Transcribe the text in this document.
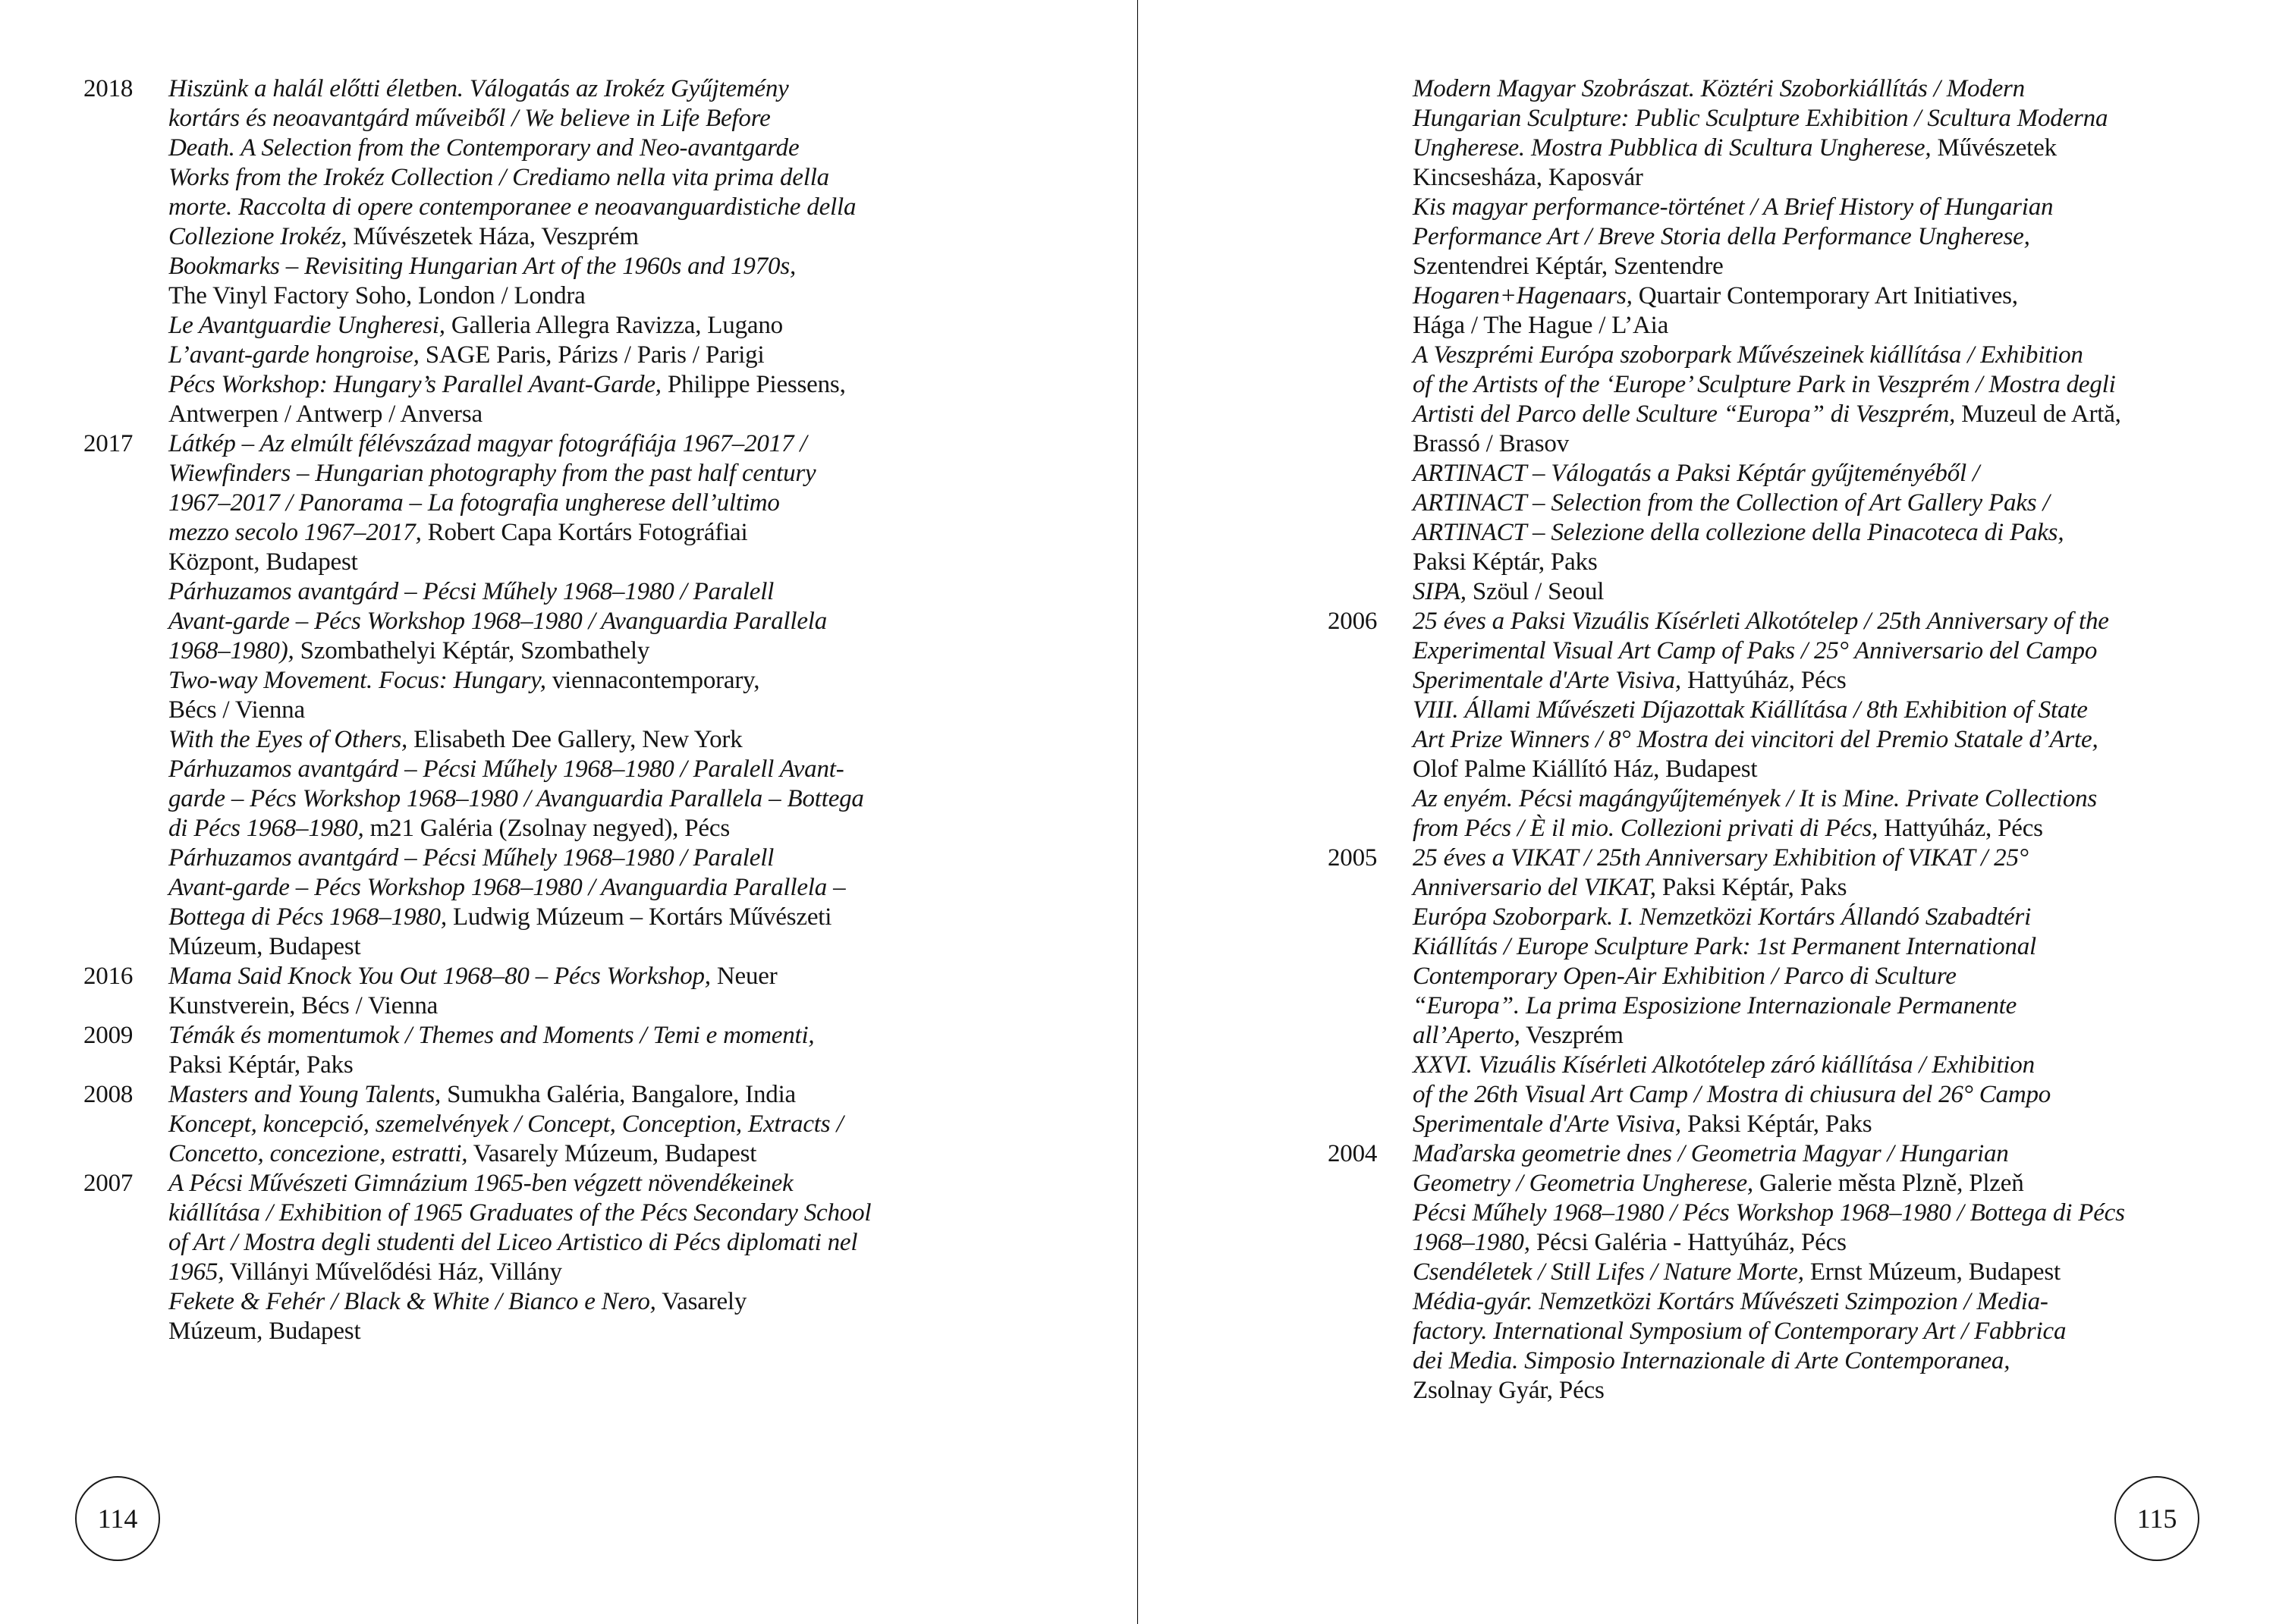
2018	Hiszünk a halál előtti életben. Válogatás az Irokéz Gyűjtemény
kortárs és neoavantgárd műveiből / We believe in Life Before
Death. A Selection from the Contemporary and Neo-avantgarde
Works from the Irokéz Collection / Crediamo nella vita prima della
morte. Raccolta di opere contemporanee e neoavanguardistiche della
Collezione Irokéz, Művészetek Háza, Veszprém
Bookmarks – Revisiting Hungarian Art of the 1960s and 1970s,
The Vinyl Factory Soho, London / Londra
Le Avantguardie Ungheresi, Galleria Allegra Ravizza, Lugano
L’avant-garde hongroise, SAGE Paris, Párizs / Paris / Parigi
Pécs Workshop: Hungary’s Parallel Avant-Garde, Philippe Piessens,
Antwerpen / Antwerp / Anversa
2017	Látkép – Az elmúlt félévszázad magyar fotográfiája 1967–2017 /
Wiewfinders – Hungarian photography from the past half century
1967–2017 / Panorama – La fotografia ungherese dell’ultimo
mezzo secolo 1967–2017, Robert Capa Kortárs Fotográfiai
Központ, Budapest
Párhuzamos avantgárd – Pécsi Műhely 1968–1980 / Paralell
Avant-garde – Pécs Workshop 1968–1980 / Avanguardia Parallela
1968–1980), Szombathelyi Képtár, Szombathely
Two-way Movement. Focus: Hungary, viennacontemporary,
Bécs / Vienna
With the Eyes of Others, Elisabeth Dee Gallery, New York
Párhuzamos avantgárd – Pécsi Műhely 1968–1980 / Paralell Avant-
garde – Pécs Workshop 1968–1980 / Avanguardia Parallela – Bottega
di Pécs 1968–1980, m21 Galéria (Zsolnay negyed), Pécs
Párhuzamos avantgárd – Pécsi Műhely 1968–1980 / Paralell
Avant-garde – Pécs Workshop 1968–1980 / Avanguardia Parallela –
Bottega di Pécs 1968–1980, Ludwig Múzeum – Kortárs Művészeti
Múzeum, Budapest
2016	Mama Said Knock You Out 1968–80 – Pécs Workshop, Neuer
Kunstverein, Bécs / Vienna
2009	Témák és momentumok / Themes and Moments / Temi e momenti,
Paksi Képtár, Paks
2008	Masters and Young Talents, Sumukha Galéria, Bangalore, India
Koncept, koncepció, szemelvények / Concept, Conception, Extracts /
Concetto, concezione, estratti, Vasarely Múzeum, Budapest
2007	A Pécsi Művészeti Gimnázium 1965-ben végzett növendékeinek
kiállítása / Exhibition of 1965 Graduates of the Pécs Secondary School
of Art / Mostra degli studenti del Liceo Artistico di Pécs diplomati nel
1965, Villányi Művelődési Ház, Villány
Fekete & Fehér / Black & White / Bianco e Nero, Vasarely
Múzeum, Budapest
114
Modern Magyar Szobrászat. Köztéri Szoborkiállítás / Modern
Hungarian Sculpture: Public Sculpture Exhibition / Scultura Moderna
Ungherese. Mostra Pubblica di Scultura Ungherese, Művészetek
Kincsesháza, Kaposvár
Kis magyar performance-történet / A Brief History of Hungarian
Performance Art / Breve Storia della Performance Ungherese,
Szentendrei Képtár, Szentendre
Hogaren+Hagenaars, Quartair Contemporary Art Initiatives,
Hága / The Hague / L’Aia
A Veszprémi Európa szoborpark Művészeinek kiállítása / Exhibition
of the Artists of the ‘Europe’ Sculpture Park in Veszprém / Mostra degli
Artisti del Parco delle Sculture “Europa” di Veszprém, Muzeul de Artă,
Brassó / Brasov
ARTINACT – Válogatás a Paksi Képtár gyűjteményéből /
ARTINACT – Selection from the Collection of Art Gallery Paks /
ARTINACT – Selezione della collezione della Pinacoteca di Paks,
Paksi Képtár, Paks
SIPA, Szöul / Seoul
2006	25 éves a Paksi Vizuális Kísérleti Alkotótelep / 25th Anniversary of the
Experimental Visual Art Camp of Paks / 25° Anniversario del Campo
Sperimentale d'Arte Visiva, Hattyúház, Pécs
VIII. Állami Művészeti Díjazottak Kiállítása / 8th Exhibition of State
Art Prize Winners / 8° Mostra dei vincitori del Premio Statale d’Arte,
Olof Palme Kiállító Ház, Budapest
Az enyém. Pécsi magángyűjtemények / It is Mine. Private Collections
from Pécs / È il mio. Collezioni privati di Pécs, Hattyúház, Pécs
2005	25 éves a VIKAT / 25th Anniversary Exhibition of VIKAT / 25°
Anniversario del VIKAT, Paksi Képtár, Paks
Európa Szoborpark. I. Nemzetközi Kortárs Állandó Szabadtéri
Kiállítás / Europe Sculpture Park: 1st Permanent International
Contemporary Open-Air Exhibition / Parco di Sculture
“Europa”. La prima Esposizione Internazionale Permanente
all’Aperto, Veszprém
XXVI. Vizuális Kísérleti Alkotótelep záró kiállítása / Exhibition
of the 26th Visual Art Camp / Mostra di chiusura del 26° Campo
Sperimentale d'Arte Visiva, Paksi Képtár, Paks
2004	Maďarska geometrie dnes / Geometria Magyar / Hungarian
Geometry / Geometria Ungherese, Galerie města Plzně, Plzeň
Pécsi Műhely 1968–1980 / Pécs Workshop 1968–1980 / Bottega di Pécs
1968–1980, Pécsi Galéria - Hattyúház, Pécs
Csendéletek / Still Lifes / Nature Morte, Ernst Múzeum, Budapest
Média-gyár. Nemzetközi Kortárs Művészeti Szimpozion / Media-
factory. International Symposium of Contemporary Art / Fabbrica
dei Media. Simposio Internazionale di Arte Contemporanea,
Zsolnay Gyár, Pécs
115
